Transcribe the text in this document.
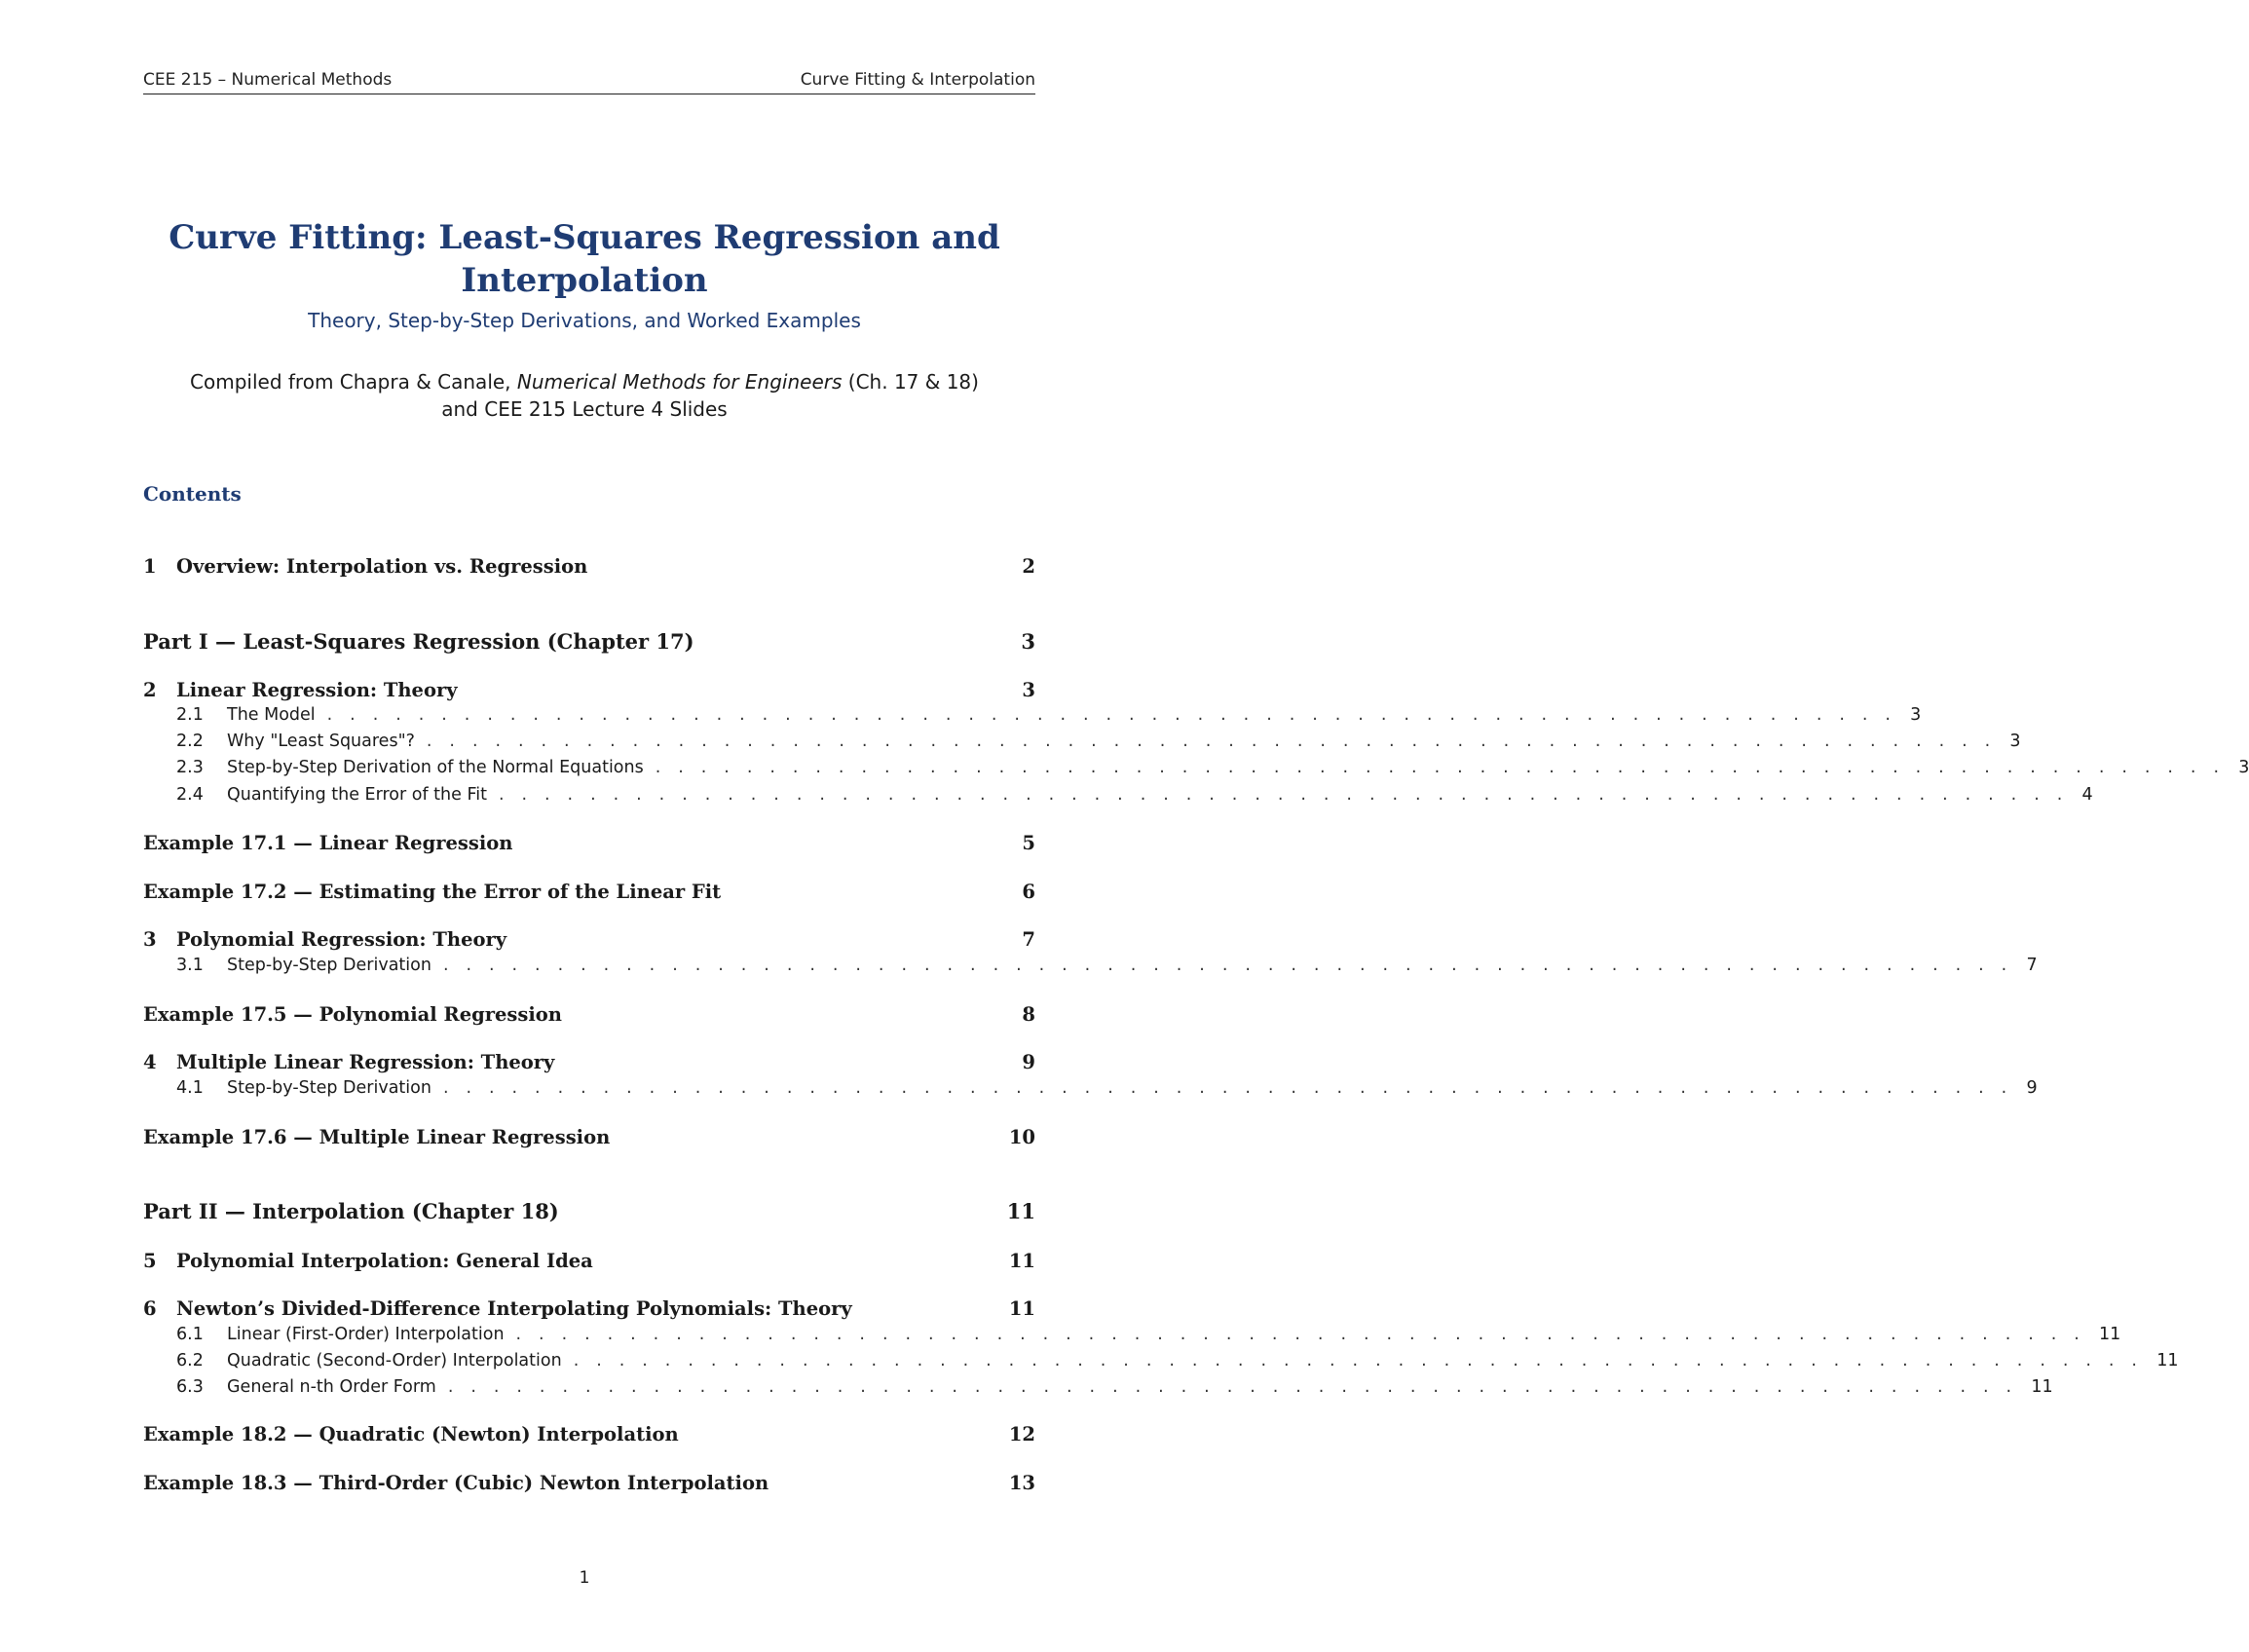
CEE 215 – Numerical Methods	Curve Fitting & Interpolation
Curve Fitting: Least-Squares Regression and
Interpolation
Theory, Step-by-Step Derivations, and Worked Examples
Compiled from Chapra & Canale, Numerical Methods for Engineers (Ch. 17 & 18)
and CEE 215 Lecture 4 Slides
Contents
1	Overview: Interpolation vs. Regression	2
Part I — Least-Squares Regression (Chapter 17)	3
2	Linear Regression: Theory	3
2.1	The Model . . . . . . . . . . . . . . . . . . . . . . . . . . . . . . . . . . . . . . . . . . . . . . . . . . . . . . . . . . . . . . . . . . . . . 3
2.2	Why "Least Squares"? . . . . . . . . . . . . . . . . . . . . . . . . . . . . . . . . . . . . . . . . . . . . . . . . . . . . . . . . . . . . . . . . . . . . . 3
2.3	Step-by-Step Derivation of the Normal Equations . . . . . . . . . . . . . . . . . . . . . . . . . . . . . . . . . . . . . . . . . . . . . . . . . . . . . . . . . . . . . . . . . . . . . 3
2.4	Quantifying the Error of the Fit . . . . . . . . . . . . . . . . . . . . . . . . . . . . . . . . . . . . . . . . . . . . . . . . . . . . . . . . . . . . . . . . . . . . . 4
Example 17.1 — Linear Regression	5
Example 17.2 — Estimating the Error of the Linear Fit	6
3	Polynomial Regression: Theory	7
3.1	Step-by-Step Derivation . . . . . . . . . . . . . . . . . . . . . . . . . . . . . . . . . . . . . . . . . . . . . . . . . . . . . . . . . . . . . . . . . . . . . 7
Example 17.5 — Polynomial Regression	8
4	Multiple Linear Regression: Theory	9
4.1	Step-by-Step Derivation . . . . . . . . . . . . . . . . . . . . . . . . . . . . . . . . . . . . . . . . . . . . . . . . . . . . . . . . . . . . . . . . . . . . . 9
Example 17.6 — Multiple Linear Regression	10
Part II — Interpolation (Chapter 18)	11
5	Polynomial Interpolation: General Idea	11
6	Newton’s Divided-Difference Interpolating Polynomials: Theory	11
6.1	Linear (First-Order) Interpolation . . . . . . . . . . . . . . . . . . . . . . . . . . . . . . . . . . . . . . . . . . . . . . . . . . . . . . . . . . . . . . . . . . . . . 11
6.2	Quadratic (Second-Order) Interpolation . . . . . . . . . . . . . . . . . . . . . . . . . . . . . . . . . . . . . . . . . . . . . . . . . . . . . . . . . . . . . . . . . . . . . 11
6.3	General n-th Order Form . . . . . . . . . . . . . . . . . . . . . . . . . . . . . . . . . . . . . . . . . . . . . . . . . . . . . . . . . . . . . . . . . . . . . 11
Example 18.2 — Quadratic (Newton) Interpolation	12
Example 18.3 — Third-Order (Cubic) Newton Interpolation	13
1
